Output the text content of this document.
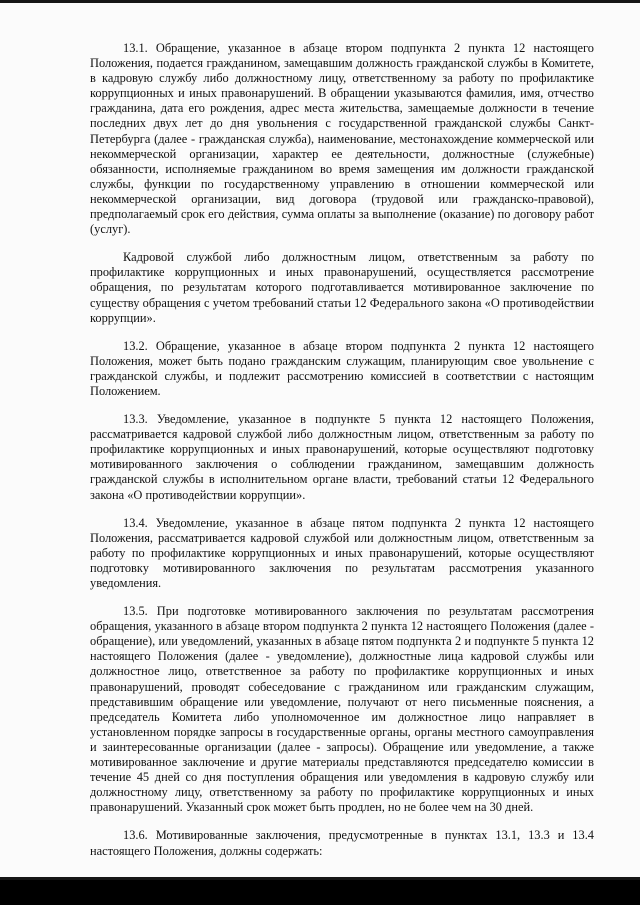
13.1. Обращение, указанное в абзаце втором подпункта 2 пункта 12 настоящего Положения, подается гражданином, замещавшим должность гражданской службы в Комитете, в кадровую службу либо должностному лицу, ответственному за работу по профилактике коррупционных и иных правонарушений. В обращении указываются фамилия, имя, отчество гражданина, дата его рождения, адрес места жительства, замещаемые должности в течение последних двух лет до дня увольнения с государственной гражданской службы Санкт-Петербурга (далее - гражданская служба), наименование, местонахождение коммерческой или некоммерческой организации, характер ее деятельности, должностные (служебные) обязанности, исполняемые гражданином во время замещения им должности гражданской службы, функции по государственному управлению в отношении коммерческой или некоммерческой организации, вид договора (трудовой или гражданско-правовой), предполагаемый срок его действия, сумма оплаты за выполнение (оказание) по договору работ (услуг).

Кадровой службой либо должностным лицом, ответственным за работу по профилактике коррупционных и иных правонарушений, осуществляется рассмотрение обращения, по результатам которого подготавливается мотивированное заключение по существу обращения с учетом требований статьи 12 Федерального закона «О противодействии коррупции».

13.2. Обращение, указанное в абзаце втором подпункта 2 пункта 12 настоящего Положения, может быть подано гражданским служащим, планирующим свое увольнение с гражданской службы, и подлежит рассмотрению комиссией в соответствии с настоящим Положением.

13.3. Уведомление, указанное в подпункте 5 пункта 12 настоящего Положения, рассматривается кадровой службой либо должностным лицом, ответственным за работу по профилактике коррупционных и иных правонарушений, которые осуществляют подготовку мотивированного заключения о соблюдении гражданином, замещавшим должность гражданской службы в исполнительном органе власти, требований статьи 12 Федерального закона «О противодействии коррупции».

13.4. Уведомление, указанное в абзаце пятом подпункта 2 пункта 12 настоящего Положения, рассматривается кадровой службой или должностным лицом, ответственным за работу по профилактике коррупционных и иных правонарушений, которые осуществляют подготовку мотивированного заключения по результатам рассмотрения указанного уведомления.

13.5. При подготовке мотивированного заключения по результатам рассмотрения обращения, указанного в абзаце втором подпункта 2 пункта 12 настоящего Положения (далее - обращение), или уведомлений, указанных в абзаце пятом подпункта 2 и подпункте 5 пункта 12 настоящего Положения (далее - уведомление), должностные лица кадровой службы или должностное лицо, ответственное за работу по профилактике коррупционных и иных правонарушений, проводят собеседование с гражданином или гражданским служащим, представившим обращение или уведомление, получают от него письменные пояснения, а председатель Комитета либо уполномоченное им должностное лицо направляет в установленном порядке запросы в государственные органы, органы местного самоуправления и заинтересованные организации (далее - запросы). Обращение или уведомление, а также мотивированное заключение и другие материалы представляются председателю комиссии в течение 45 дней со дня поступления обращения или уведомления в кадровую службу или должностному лицу, ответственному за работу по профилактике коррупционных и иных правонарушений. Указанный срок может быть продлен, но не более чем на 30 дней.

13.6. Мотивированные заключения, предусмотренные в пунктах 13.1, 13.3 и 13.4 настоящего Положения, должны содержать:
